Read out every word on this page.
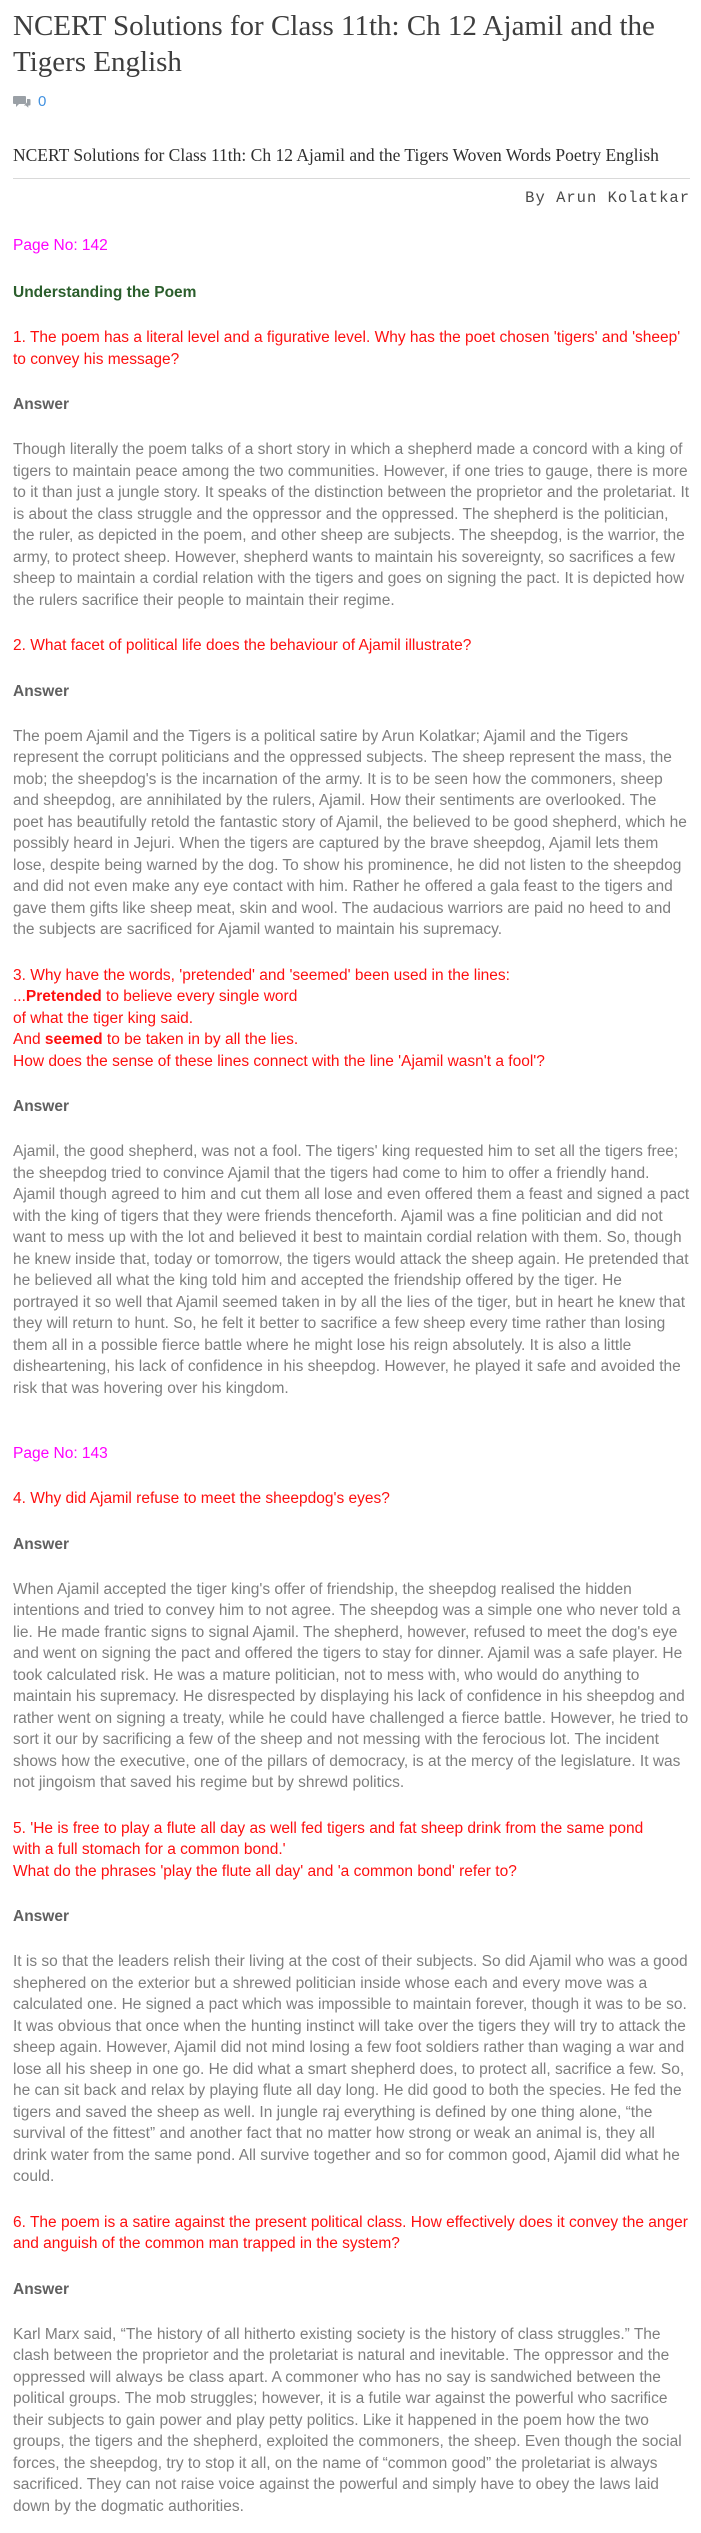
NCERT Solutions for Class 11th: Ch 12 Ajamil and the Tigers English
0
NCERT Solutions for Class 11th: Ch 12 Ajamil and the Tigers Woven Words Poetry English
By Arun Kolatkar
Page No: 142
Understanding the Poem
1. The poem has a literal level and a figurative level. Why has the poet chosen 'tigers' and 'sheep' to convey his message?
Answer
Though literally the poem talks of a short story in which a shepherd made a concord with a king of tigers to maintain peace among the two communities. However, if one tries to gauge, there is more to it than just a jungle story. It speaks of the distinction between the proprietor and the proletariat. It is about the class struggle and the oppressor and the oppressed. The shepherd is the politician, the ruler, as depicted in the poem, and other sheep are subjects. The sheepdog, is the warrior, the army, to protect sheep. However, shepherd wants to maintain his sovereignty, so sacrifices a few sheep to maintain a cordial relation with the tigers and goes on signing the pact. It is depicted how the rulers sacrifice their people to maintain their regime.
2. What facet of political life does the behaviour of Ajamil illustrate?
Answer
The poem Ajamil and the Tigers is a political satire by Arun Kolatkar; Ajamil and the Tigers represent the corrupt politicians and the oppressed subjects. The sheep represent the mass, the mob; the sheepdog's is the incarnation of the army. It is to be seen how the commoners, sheep and sheepdog, are annihilated by the rulers, Ajamil. How their sentiments are overlooked. The poet has beautifully retold the fantastic story of Ajamil, the believed to be good shepherd, which he possibly heard in Jejuri. When the tigers are captured by the brave sheepdog, Ajamil lets them lose, despite being warned by the dog. To show his prominence, he did not listen to the sheepdog and did not even make any eye contact with him. Rather he offered a gala feast to the tigers and gave them gifts like sheep meat, skin and wool. The audacious warriors are paid no heed to and the subjects are sacrificed for Ajamil wanted to maintain his supremacy.
3. Why have the words, 'pretended' and 'seemed' been used in the lines:
...Pretended to believe every single word
of what the tiger king said.
And seemed to be taken in by all the lies.
How does the sense of these lines connect with the line 'Ajamil wasn't a fool'?
Answer
Ajamil, the good shepherd, was not a fool. The tigers' king requested him to set all the tigers free; the sheepdog tried to convince Ajamil that the tigers had come to him to offer a friendly hand. Ajamil though agreed to him and cut them all lose and even offered them a feast and signed a pact with the king of tigers that they were friends thenceforth. Ajamil was a fine politician and did not want to mess up with the lot and believed it best to maintain cordial relation with them. So, though he knew inside that, today or tomorrow, the tigers would attack the sheep again. He pretended that he believed all what the king told him and accepted the friendship offered by the tiger. He portrayed it so well that Ajamil seemed taken in by all the lies of the tiger, but in heart he knew that they will return to hunt. So, he felt it better to sacrifice a few sheep every time rather than losing them all in a possible fierce battle where he might lose his reign absolutely. It is also a little disheartening, his lack of confidence in his sheepdog. However, he played it safe and avoided the risk that was hovering over his kingdom.
Page No: 143
4. Why did Ajamil refuse to meet the sheepdog's eyes?
Answer
When Ajamil accepted the tiger king's offer of friendship, the sheepdog realised the hidden intentions and tried to convey him to not agree. The sheepdog was a simple one who never told a lie. He made frantic signs to signal Ajamil. The shepherd, however, refused to meet the dog's eye and went on signing the pact and offered the tigers to stay for dinner. Ajamil was a safe player. He took calculated risk. He was a mature politician, not to mess with, who would do anything to maintain his supremacy. He disrespected by displaying his lack of confidence in his sheepdog and rather went on signing a treaty, while he could have challenged a fierce battle. However, he tried to sort it our by sacrificing a few of the sheep and not messing with the ferocious lot. The incident shows how the executive, one of the pillars of democracy, is at the mercy of the legislature. It was not jingoism that saved his regime but by shrewd politics.
5. 'He is free to play a flute all day as well fed tigers and fat sheep drink from the same pond
with a full stomach for a common bond.'
What do the phrases 'play the flute all day' and 'a common bond' refer to?
Answer
It is so that the leaders relish their living at the cost of their subjects. So did Ajamil who was a good shephered on the exterior but a shrewed politician inside whose each and every move was a calculated one. He signed a pact which was impossible to maintain forever, though it was to be so. It was obvious that once when the hunting instinct will take over the tigers they will try to attack the sheep again. However, Ajamil did not mind losing a few foot soldiers rather than waging a war and lose all his sheep in one go. He did what a smart shepherd does, to protect all, sacrifice a few. So, he can sit back and relax by playing flute all day long. He did good to both the species. He fed the tigers and saved the sheep as well. In jungle raj everything is defined by one thing alone, “the survival of the fittest” and another fact that no matter how strong or weak an animal is, they all drink water from the same pond. All survive together and so for common good, Ajamil did what he could.
6. The poem is a satire against the present political class. How effectively does it convey the anger and anguish of the common man trapped in the system?
Answer
Karl Marx said, “The history of all hitherto existing society is the history of class struggles.” The clash between the proprietor and the proletariat is natural and inevitable. The oppressor and the oppressed will always be class apart. A commoner who has no say is sandwiched between the political groups. The mob struggles; however, it is a futile war against the powerful who sacrifice their subjects to gain power and play petty politics. Like it happened in the poem how the two groups, the tigers and the shepherd, exploited the commoners, the sheep. Even though the social forces, the sheepdog, try to stop it all, on the name of “common good” the proletariat is always sacrificed. They can not raise voice against the powerful and simply have to obey the laws laid down by the dogmatic authorities.
